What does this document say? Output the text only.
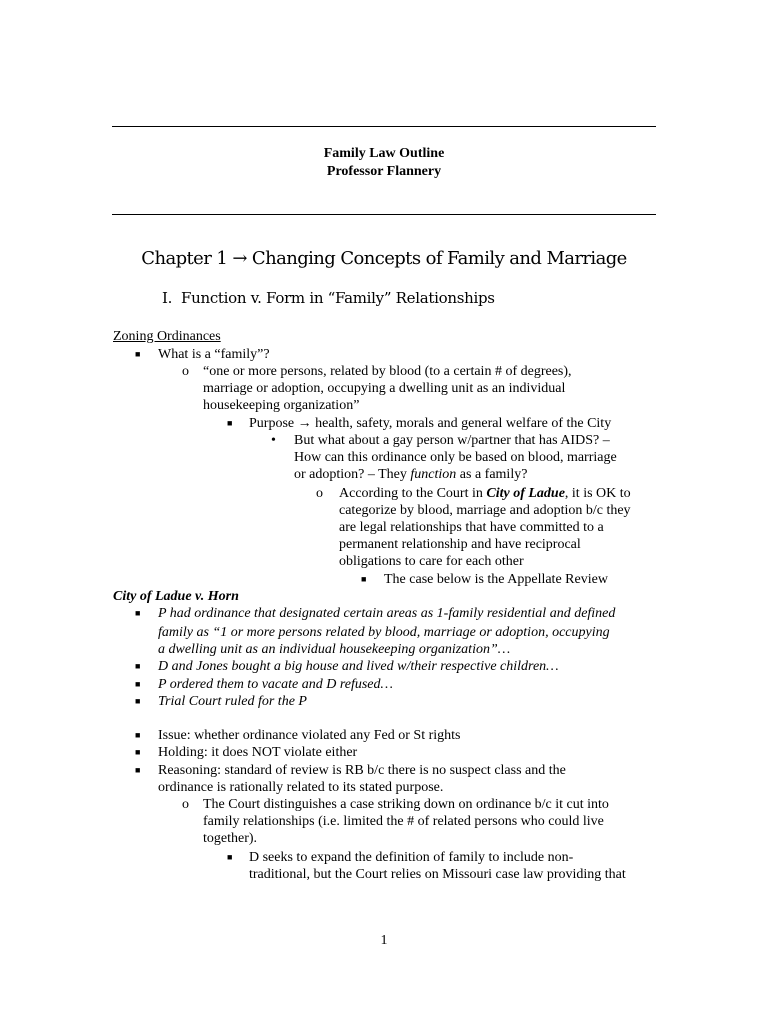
Family Law Outline
Professor Flannery
Chapter 1 → Changing Concepts of Family and Marriage
I. Function v. Form in “Family” Relationships
Zoning Ordinances
■ What is a “family”?
o “one or more persons, related by blood (to a certain # of degrees),
marriage or adoption, occupying a dwelling unit as an individual
housekeeping organization”
■ Purpose → health, safety, morals and general welfare of the City
• But what about a gay person w/partner that has AIDS? –
How can this ordinance only be based on blood, marriage
or adoption? – They function as a family?
o According to the Court in City of Ladue, it is OK to
categorize by blood, marriage and adoption b/c they
are legal relationships that have committed to a
permanent relationship and have reciprocal
obligations to care for each other
■ The case below is the Appellate Review
City of Ladue v. Horn
■ P had ordinance that designated certain areas as 1-family residential and defined
family as “1 or more persons related by blood, marriage or adoption, occupying
a dwelling unit as an individual housekeeping organization”…
■ D and Jones bought a big house and lived w/their respective children…
■ P ordered them to vacate and D refused…
■ Trial Court ruled for the P
■ Issue: whether ordinance violated any Fed or St rights
■ Holding: it does NOT violate either
■ Reasoning: standard of review is RB b/c there is no suspect class and the
ordinance is rationally related to its stated purpose.
o The Court distinguishes a case striking down on ordinance b/c it cut into
family relationships (i.e. limited the # of related persons who could live
together).
■ D seeks to expand the definition of family to include non-
traditional, but the Court relies on Missouri case law providing that
1
